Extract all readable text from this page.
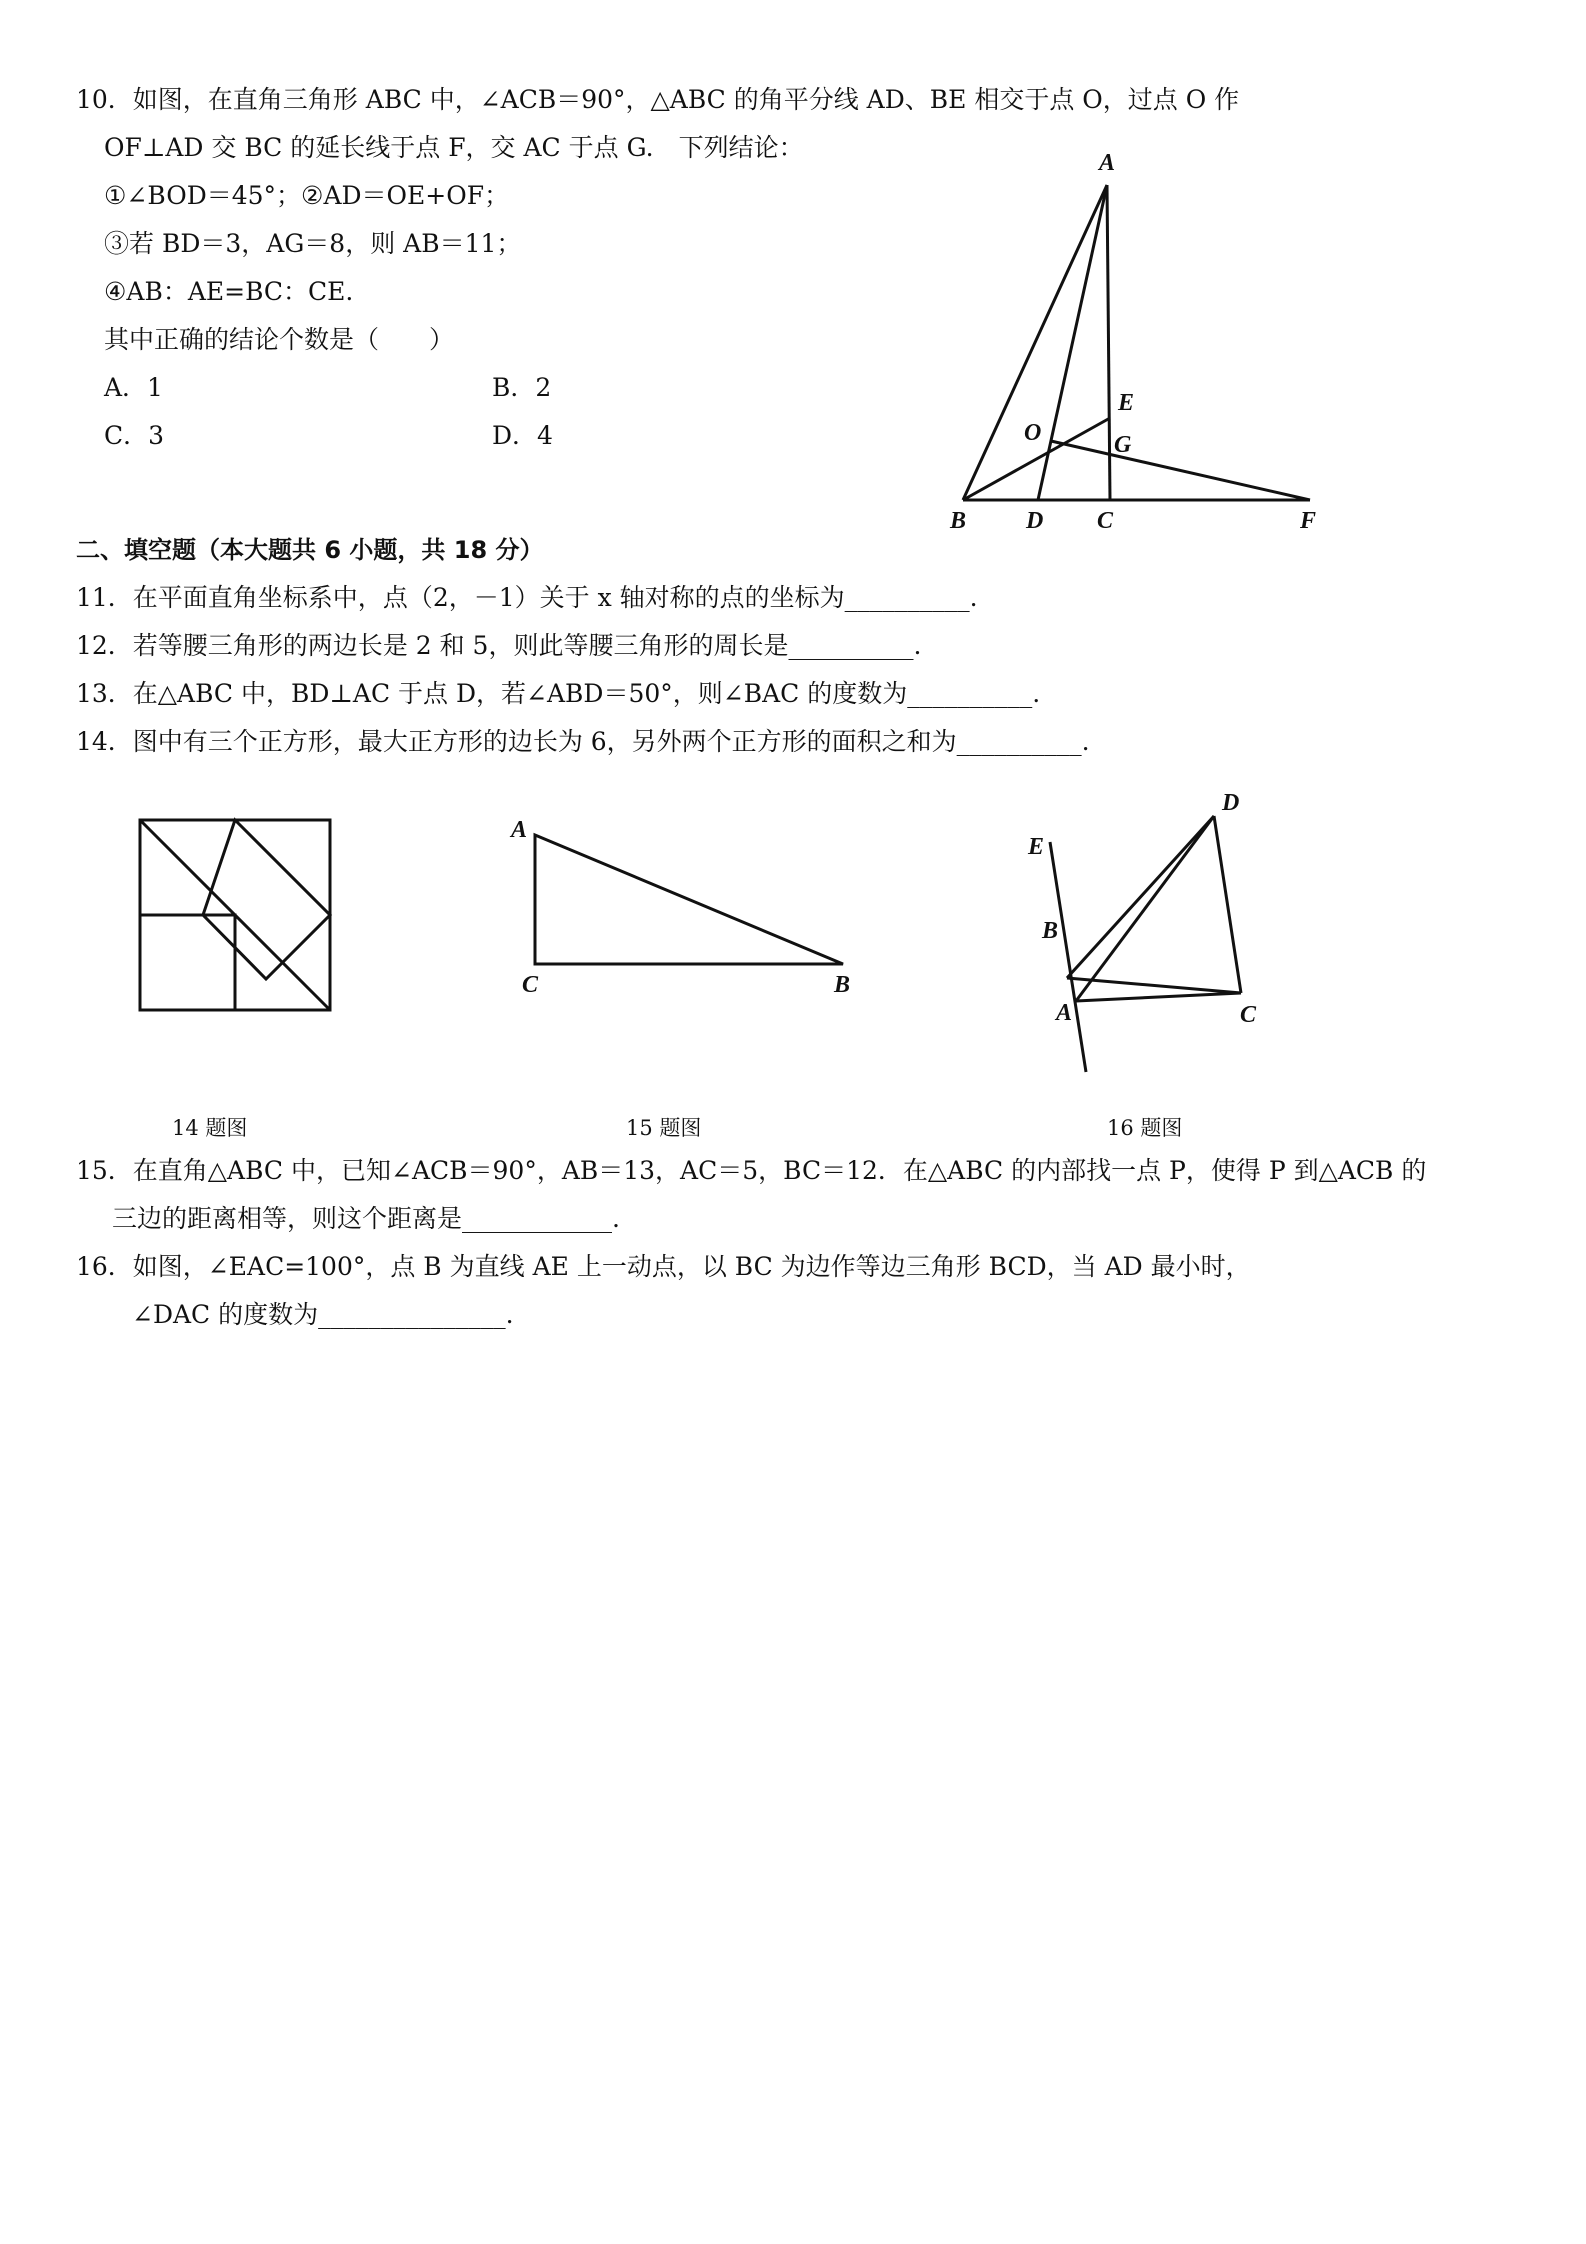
10．如图，在直角三角形 ABC 中，∠ACB＝90°，△ABC 的角平分线 AD、BE 相交于点 O，过点 O 作
OF⊥AD 交 BC 的延长线于点 F，交 AC 于点 G.　下列结论：
①∠BOD＝45°；②AD＝OE+OF；
③若 BD＝3，AG＝8，则 AB＝11；
④AB：AE=BC：CE.
其中正确的结论个数是（　　）
A．1	B．2
C．3	D．4
A
E
O	G
B D C	F
二、填空题（本大题共 6 小题，共 18 分）
11．在平面直角坐标系中，点（2，－1）关于 x 轴对称的点的坐标为__________.
12．若等腰三角形的两边长是 2 和 5，则此等腰三角形的周长是__________.
13．在△ABC 中，BD⊥AC 于点 D，若∠ABD＝50°，则∠BAC 的度数为__________.
14．图中有三个正方形，最大正方形的边长为 6，另外两个正方形的面积之和为__________.
A
C	B
D
E
B
A	C
14 题图	15 题图	16 题图
15．在直角△ABC 中，已知∠ACB＝90°，AB＝13，AC＝5，BC＝12．在△ABC 的内部找一点 P，使得 P 到△ACB 的
三边的距离相等，则这个距离是____________.
16．如图，∠EAC=100°，点 B 为直线 AE 上一动点，以 BC 为边作等边三角形 BCD，当 AD 最小时，
∠DAC 的度数为_______________.
